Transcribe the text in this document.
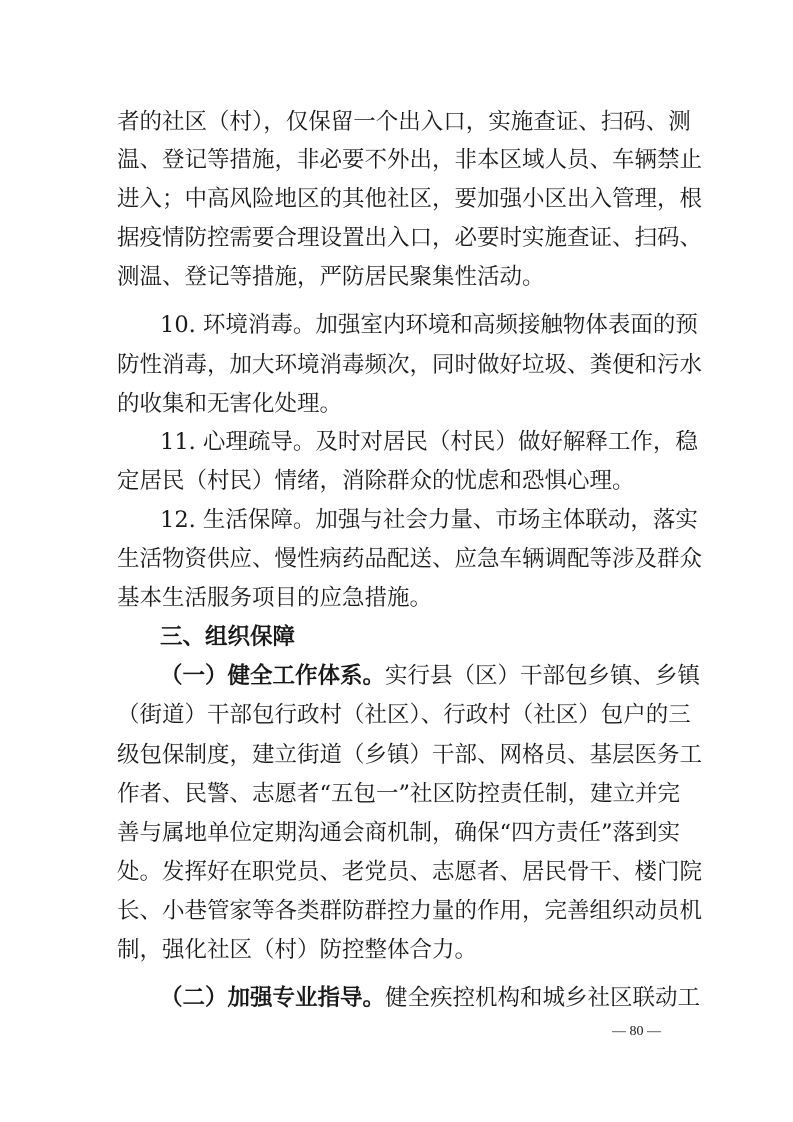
者的社区（村），仅保留一个出入口，实施查证、扫码、测
温、登记等措施，非必要不外出，非本区域人员、车辆禁止
进入；中高风险地区的其他社区，要加强小区出入管理，根
据疫情防控需要合理设置出入口，必要时实施查证、扫码、
测温、登记等措施，严防居民聚集性活动。
10. 环境消毒。加强室内环境和高频接触物体表面的预
防性消毒，加大环境消毒频次，同时做好垃圾、粪便和污水
的收集和无害化处理。
11. 心理疏导。及时对居民（村民）做好解释工作，稳
定居民（村民）情绪，消除群众的忧虑和恐惧心理。
12. 生活保障。加强与社会力量、市场主体联动，落实
生活物资供应、慢性病药品配送、应急车辆调配等涉及群众
基本生活服务项目的应急措施。
三、组织保障
（一）健全工作体系。实行县（区）干部包乡镇、乡镇
（街道）干部包行政村（社区）、行政村（社区）包户的三
级包保制度，建立街道（乡镇）干部、网格员、基层医务工
作者、民警、志愿者“五包一”社区防控责任制，建立并完
善与属地单位定期沟通会商机制，确保“四方责任”落到实
处。发挥好在职党员、老党员、志愿者、居民骨干、楼门院
长、小巷管家等各类群防群控力量的作用，完善组织动员机
制，强化社区（村）防控整体合力。
（二）加强专业指导。健全疾控机构和城乡社区联动工
— 80 —
